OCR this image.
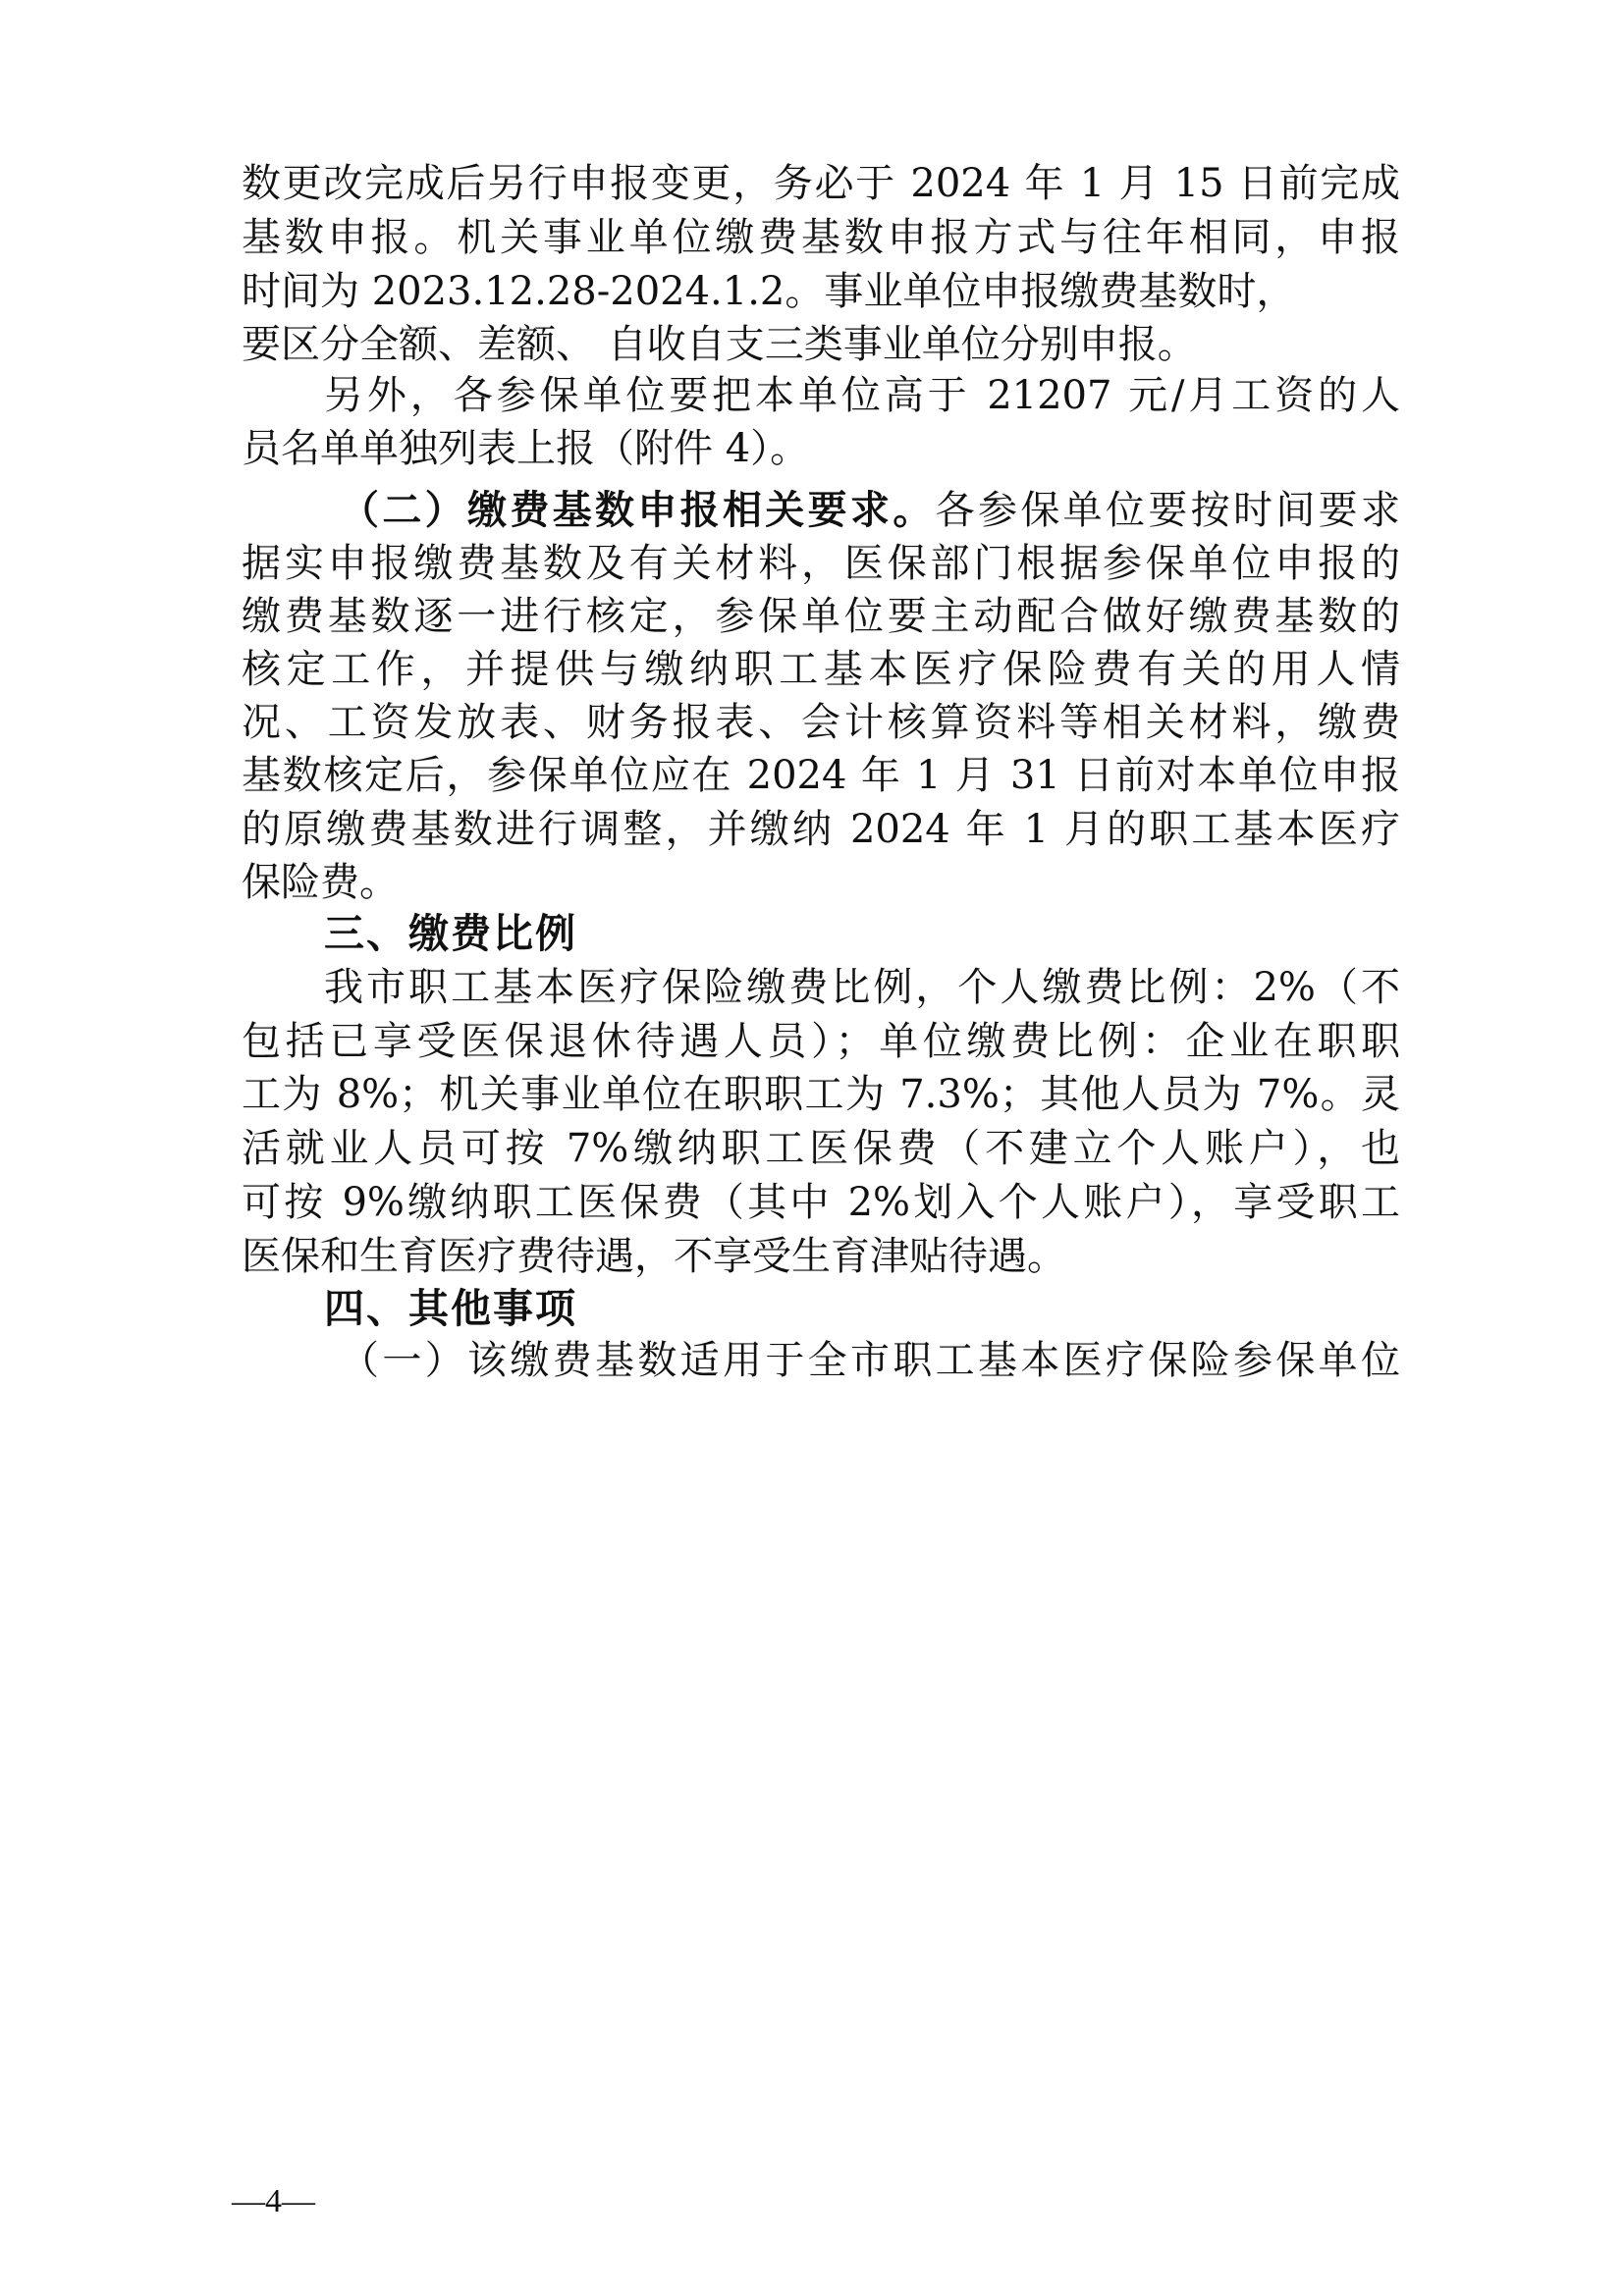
数更改完成后另行申报变更，务必于 2024 年 1 月 15 日前完成
基数申报。机关事业单位缴费基数申报方式与往年相同，申报
时间为 2023.12.28-2024.1.2。事业单位申报缴费基数时，
要区分全额、差额、 自收自支三类事业单位分别申报。
另外，各参保单位要把本单位高于 21207 元/月工资的人
员名单单独列表上报（附件 4）。
（二）缴费基数申报相关要求。各参保单位要按时间要求
据实申报缴费基数及有关材料，医保部门根据参保单位申报的
缴费基数逐一进行核定，参保单位要主动配合做好缴费基数的
核定工作，并提供与缴纳职工基本医疗保险费有关的用人情
况、工资发放表、财务报表、会计核算资料等相关材料，缴费
基数核定后，参保单位应在 2024 年 1 月 31 日前对本单位申报
的原缴费基数进行调整，并缴纳 2024 年 1 月的职工基本医疗
保险费。
三、缴费比例
我市职工基本医疗保险缴费比例，个人缴费比例：2%（不
包括已享受医保退休待遇人员）；单位缴费比例：企业在职职
工为 8%；机关事业单位在职职工为 7.3%；其他人员为 7%。灵
活就业人员可按 7%缴纳职工医保费（不建立个人账户），也
可按 9%缴纳职工医保费（其中 2%划入个人账户），享受职工
医保和生育医疗费待遇，不享受生育津贴待遇。
四、其他事项
（一）该缴费基数适用于全市职工基本医疗保险参保单位
—4—
